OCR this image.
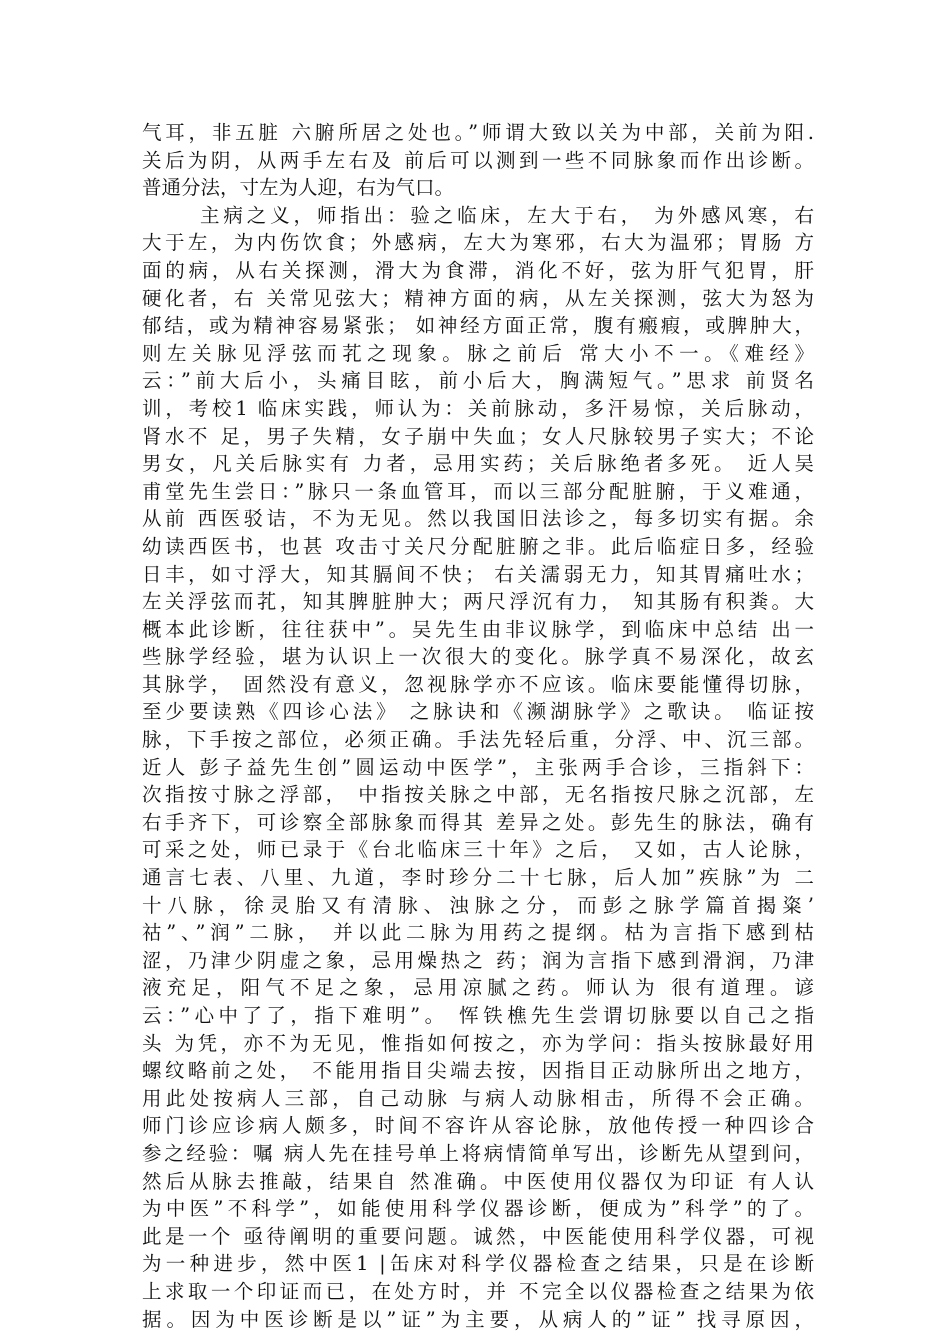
气耳，非五脏 六腑所居之处也。”师谓大致以关为中部，关前为阳.
关后为阴，从两手左右及 前后可以测到一些不同脉象而作出诊断。
普通分法，寸左为人迎，右为气口。
主病之义，师指出：验之临床，左大于右， 为外感风寒，右
大于左，为内伤饮食；外感病，左大为寒邪，右大为温邪；胃肠 方
面的病，从右关探测，滑大为食滞，消化不好，弦为肝气犯胃，肝
硬化者，右 关常见弦大；精神方面的病，从左关探测，弦大为怒为
郁结，或为精神容易紧张； 如神经方面正常，腹有瘢瘕，或脾肿大，
则左关脉见浮弦而芤之现象。脉之前后 常大小不一。《难经》
云：”前大后小，头痛目眩，前小后大，胸满短气。”思求 前贤名
训，考校1 临床实践，师认为：关前脉动，多汗易惊，关后脉动，
肾水不 足，男子失精，女子崩中失血；女人尺脉较男子实大；不论
男女，凡关后脉实有 力者，忌用实药；关后脉绝者多死。 近人吴
甫堂先生尝日：”脉只一条血管耳，而以三部分配脏腑，于义难通，
从前 西医驳诘，不为无见。然以我国旧法诊之，每多切实有据。余
幼读西医书，也甚 攻击寸关尺分配脏腑之非。此后临症日多，经验
日丰，如寸浮大，知其膈间不快； 右关濡弱无力，知其胃痛吐水；
左关浮弦而芤，知其脾脏肿大；两尺浮沉有力， 知其肠有积粪。大
概本此诊断，往往获中”。吴先生由非议脉学，到临床中总结 出一
些脉学经验，堪为认识上一次很大的变化。脉学真不易深化，故玄
其脉学， 固然没有意义，忽视脉学亦不应该。临床要能懂得切脉，
至少要读熟《四诊心法》 之脉诀和《濒湖脉学》之歌诀。 临证按
脉，下手按之部位，必须正确。手法先轻后重，分浮、中、沉三部。
近人 彭子益先生创”圆运动中医学”，主张两手合诊，三指斜下：
次指按寸脉之浮部， 中指按关脉之中部，无名指按尺脉之沉部，左
右手齐下，可诊察全部脉象而得其 差异之处。彭先生的脉法，确有
可采之处，师已录于《台北临床三十年》之后， 又如，古人论脉，
通言七表、八里、九道，李时珍分二十七脉，后人加”疾脉”为 二
十八脉，徐灵胎又有清脉、浊脉之分，而彭之脉学篇首揭粢’
祜”、”润”二脉， 并以此二脉为用药之提纲。枯为言指下感到枯
涩，乃津少阴虚之象，忌用燥热之 药；润为言指下感到滑润，乃津
液充足，阳气不足之象，忌用凉腻之药。师认为 很有道理。谚
云：”心中了了，指下难明”。 恽铁樵先生尝谓切脉要以自己之指
头 为凭，亦不为无见，惟指如何按之，亦为学问：指头按脉最好用
螺纹略前之处， 不能用指目尖端去按，因指目正动脉所出之地方，
用此处按病人三部，自己动脉 与病人动脉相击，所得不会正确。
师门诊应诊病人颇多，时间不容许从容论脉，放他传授一种四诊合
参之经验：嘱 病人先在挂号单上将病情简单写出，诊断先从望到问，
然后从脉去推敲，结果自 然准确。中医使用仪器仅为印证 有人认
为中医”不科学”，如能使用科学仪器诊断，便成为”科学”的了。
此是一个 亟待阐明的重要问题。诚然，中医能使用科学仪器，可视
为一种进步，然中医1 |缶床对科学仪器检查之结果，只是在诊断
上求取一个印证而已，在处方时，并 不完全以仪器检查之结果为依
据。因为中医诊断是以”证”为主要，从病人的”证” 找寻原因，
